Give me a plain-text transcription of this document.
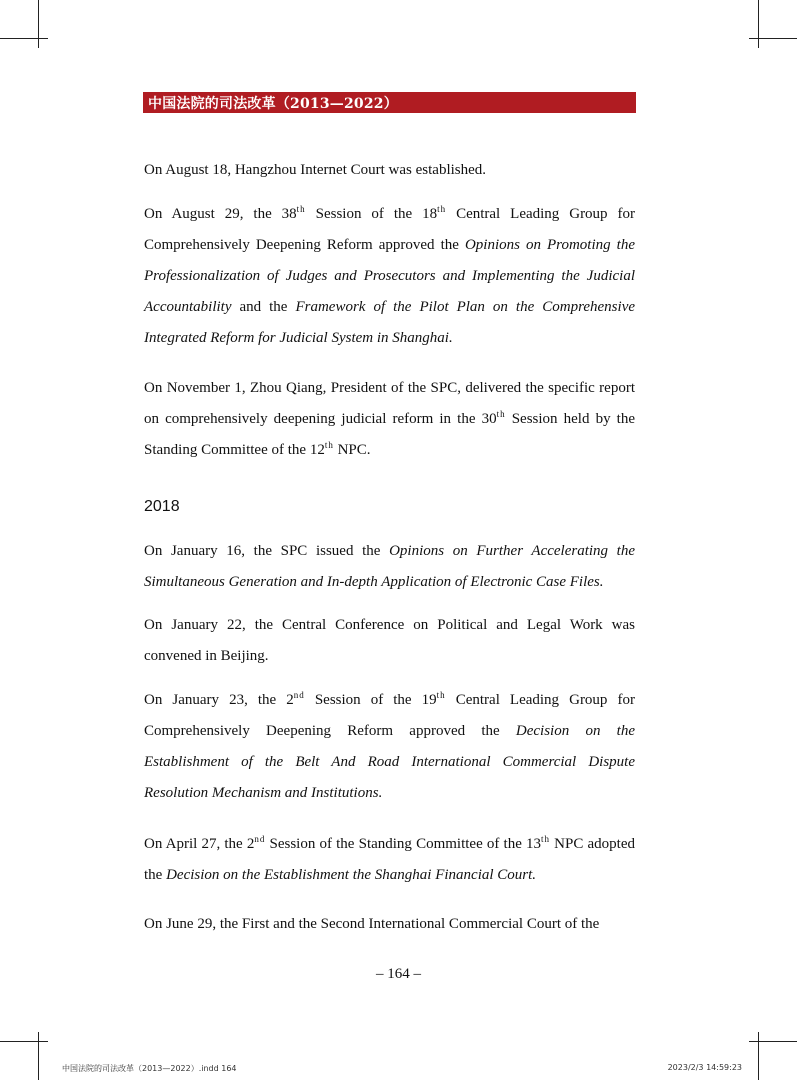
中国法院的司法改革（2013—2022）
On August 18, Hangzhou Internet Court was established.
On August 29, the 38th Session of the 18th Central Leading Group for Comprehensively Deepening Reform approved the Opinions on Promoting the Professionalization of Judges and Prosecutors and Implementing the Judicial Accountability and the Framework of the Pilot Plan on the Comprehensive Integrated Reform for Judicial System in Shanghai.
On November 1, Zhou Qiang, President of the SPC, delivered the specific report on comprehensively deepening judicial reform in the 30th Session held by the Standing Committee of the 12th NPC.
2018
On January 16, the SPC issued the Opinions on Further Accelerating the Simultaneous Generation and In-depth Application of Electronic Case Files.
On January 22, the Central Conference on Political and Legal Work was convened in Beijing.
On January 23, the 2nd Session of the 19th Central Leading Group for Comprehensively Deepening Reform approved the Decision on the Establishment of the Belt And Road International Commercial Dispute Resolution Mechanism and Institutions.
On April 27, the 2nd Session of the Standing Committee of the 13th NPC adopted the Decision on the Establishment the Shanghai Financial Court.
On June 29, the First and the Second International Commercial Court of the
– 164 –
中国法院的司法改革（2013—2022）.indd 164	2023/2/3 14:59:23
